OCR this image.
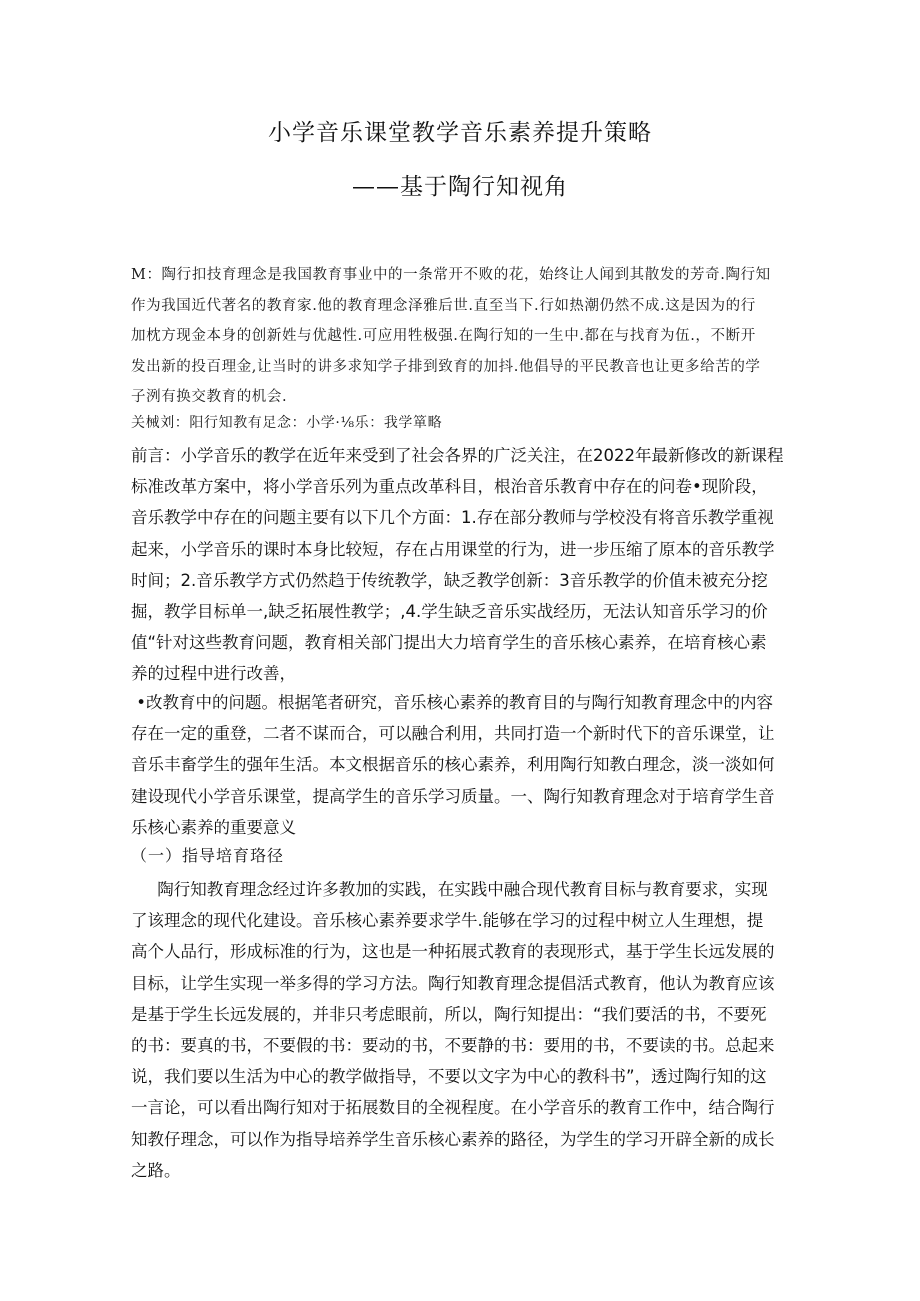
小学音乐课堂教学音乐素养提升策略
——基于陶行知视角
M：陶行扣技育理念是我国教育事业中的一条常开不败的花，始终让人闻到其散发的芳奇.陶行知
作为我国近代著名的教育家.他的教育理念泽雅后世.直至当下.行如热潮仍然不成.这是因为的行
加枕方现金本身的创新姓与优越性.可应用牲极强.在陶行知的一生中.都在与找育为伍.，不断开
发出新的投百理金,让当时的讲多求知学子排到致育的加抖.他倡导的平民教音也让更多给苦的学
子洌有换交教育的机会.
关械刘：阳行知教有足念：小学·⅛乐：我学箪略
前言：小学音乐的教学在近年来受到了社会各界的广泛关注，在2022年最新修改的新课程
标准改革方案中，将小学音乐列为重点改革科目，根治音乐教育中存在的问卷•现阶段，
音乐教学中存在的问题主要有以下几个方面：1.存在部分教师与学校没有将音乐教学重视
起来，小学音乐的课时本身比较短，存在占用课堂的行为，进一步压缩了原本的音乐教学
时间；2.音乐教学方式仍然趋于传统教学，缺乏教学创新：3音乐教学的价值未被充分挖
掘，教学目标单一,缺乏拓展性教学；,4.学生缺乏音乐实战经历，无法认知音乐学习的价
值“针对这些教育问题，教育相关部门提出大力培育学生的音乐核心素养，在培育核心素
养的过程中进行改善，
•改教育中的问题。根据笔者研究，音乐核心素养的教育目的与陶行知教育理念中的内容
存在一定的重登，二者不谋而合，可以融合利用，共同打造一个新时代下的音乐课堂，让
音乐丰畜学生的强年生活。本文根据音乐的核心素养，利用陶行知教白理念，淡一淡如何
建设现代小学音乐课堂，提高学生的音乐学习质量。一、陶行知教育理念对于培育学生音
乐核心素养的重要意义
（一）指导培育珞径
陶行知教育理念经过许多教加的实践，在实践中融合现代教育目标与教育要求，实现
了该理念的现代化建设。音乐核心素养要求学牛.能够在学习的过程中树立人生理想，提
高个人品行，形成标准的行为，这也是一种拓展式教育的表现形式，基于学生长远发展的
目标，让学生实现一举多得的学习方法。陶行知教育理念提倡活式教育，他认为教育应该
是基于学生长远发展的，并非只考虑眼前，所以，陶行知提出：“我们要活的书，不要死
的书：要真的书，不要假的书：要动的书，不要静的书：要用的书，不要读的书。总起来
说，我们要以生活为中心的教学做指导，不要以文字为中心的教科书”，透过陶行知的这
一言论，可以看出陶行知对于拓展数目的全视程度。在小学音乐的教育工作中，结合陶行
知教仔理念，可以作为指导培养学生音乐核心素养的路径，为学生的学习开辟全新的成长
之路。
